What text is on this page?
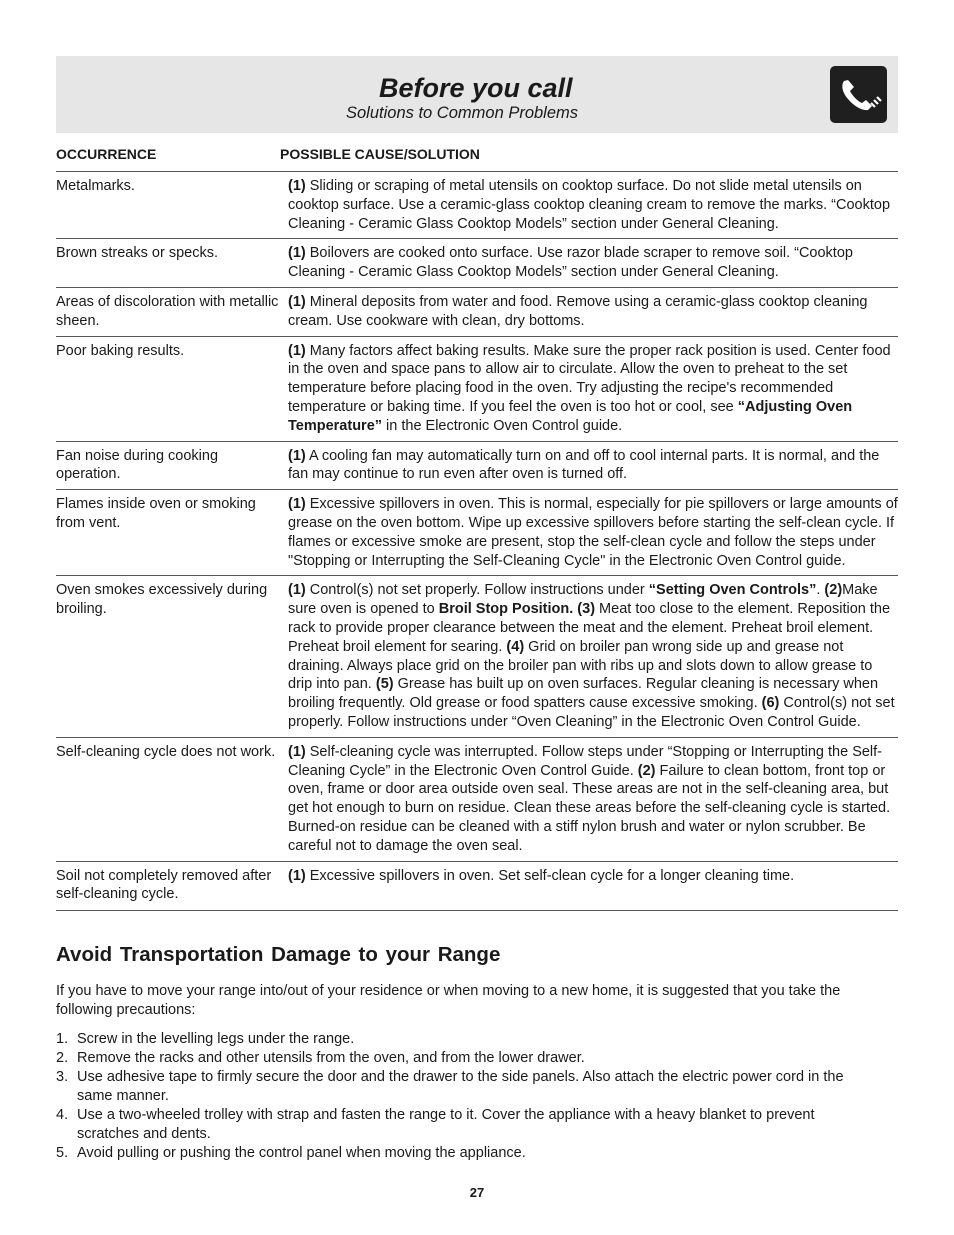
Before you call
Solutions to Common Problems
OCCURRENCE	POSSIBLE CAUSE/SOLUTION
Metalmarks.	(1) Sliding or scraping of metal utensils on cooktop surface. Do not slide metal utensils on cooktop surface. Use a ceramic-glass cooktop cleaning cream to remove the marks. “Cooktop Cleaning - Ceramic Glass Cooktop Models” section under General Cleaning.
Brown streaks or specks.	(1) Boilovers are cooked onto surface. Use razor blade scraper to remove soil. “Cooktop Cleaning - Ceramic Glass Cooktop Models” section under General Cleaning.
Areas of discoloration with metallic sheen.	(1) Mineral deposits from water and food. Remove using a ceramic-glass cooktop cleaning cream. Use cookware with clean, dry bottoms.
Poor baking results.	(1) Many factors affect baking results. Make sure the proper rack position is used. Center food in the oven and space pans to allow air to circulate. Allow the oven to preheat to the set temperature before placing food in the oven. Try adjusting the recipe's recommended temperature or baking time. If you feel the oven is too hot or cool, see “Adjusting Oven Temperature” in the Electronic Oven Control guide.
Fan noise during cooking operation.	(1) A cooling fan may automatically turn on and off to cool internal parts. It is normal, and the fan may continue to run even after oven is turned off.
Flames inside oven or smoking from vent.	(1) Excessive spillovers in oven. This is normal, especially for pie spillovers or large amounts of grease on the oven bottom. Wipe up excessive spillovers before starting the self-clean cycle. If flames or excessive smoke are present, stop the self-clean cycle and follow the steps under "Stopping or Interrupting the Self-Cleaning Cycle" in the Electronic Oven Control guide.
Oven smokes excessively during broiling.	(1) Control(s) not set properly. Follow instructions under “Setting Oven Controls”. (2)Make sure oven is opened to Broil Stop Position. (3) Meat too close to the element. Reposition the rack to provide proper clearance between the meat and the element. Preheat broil element. Preheat broil element for searing. (4) Grid on broiler pan wrong side up and grease not draining. Always place grid on the broiler pan with ribs up and slots down to allow grease to drip into pan. (5) Grease has built up on oven surfaces. Regular cleaning is necessary when broiling frequently. Old grease or food spatters cause excessive smoking. (6) Control(s) not set properly. Follow instructions under “Oven Cleaning” in the Electronic Oven Control Guide.
Self-cleaning cycle does not work.	(1) Self-cleaning cycle was interrupted. Follow steps under “Stopping or Interrupting the Self-Cleaning Cycle” in the Electronic Oven Control Guide. (2) Failure to clean bottom, front top or oven, frame or door area outside oven seal. These areas are not in the self-cleaning area, but get hot enough to burn on residue. Clean these areas before the self-cleaning cycle is started. Burned-on residue can be cleaned with a stiff nylon brush and water or nylon scrubber. Be careful not to damage the oven seal.
Soil not completely removed after self-cleaning cycle.	(1) Excessive spillovers in oven. Set self-clean cycle for a longer cleaning time.
Avoid Transportation Damage to your Range

If you have to move your range into/out of your residence or when moving to a new home, it is suggested that you take the following precautions:

1. Screw in the levelling legs under the range.
2. Remove the racks and other utensils from the oven, and from the lower drawer.
3. Use adhesive tape to firmly secure the door and the drawer to the side panels. Also attach the electric power cord in the same manner.
4. Use a two-wheeled trolley with strap and fasten the range to it. Cover the appliance with a heavy blanket to prevent scratches and dents.
5. Avoid pulling or pushing the control panel when moving the appliance.
27
